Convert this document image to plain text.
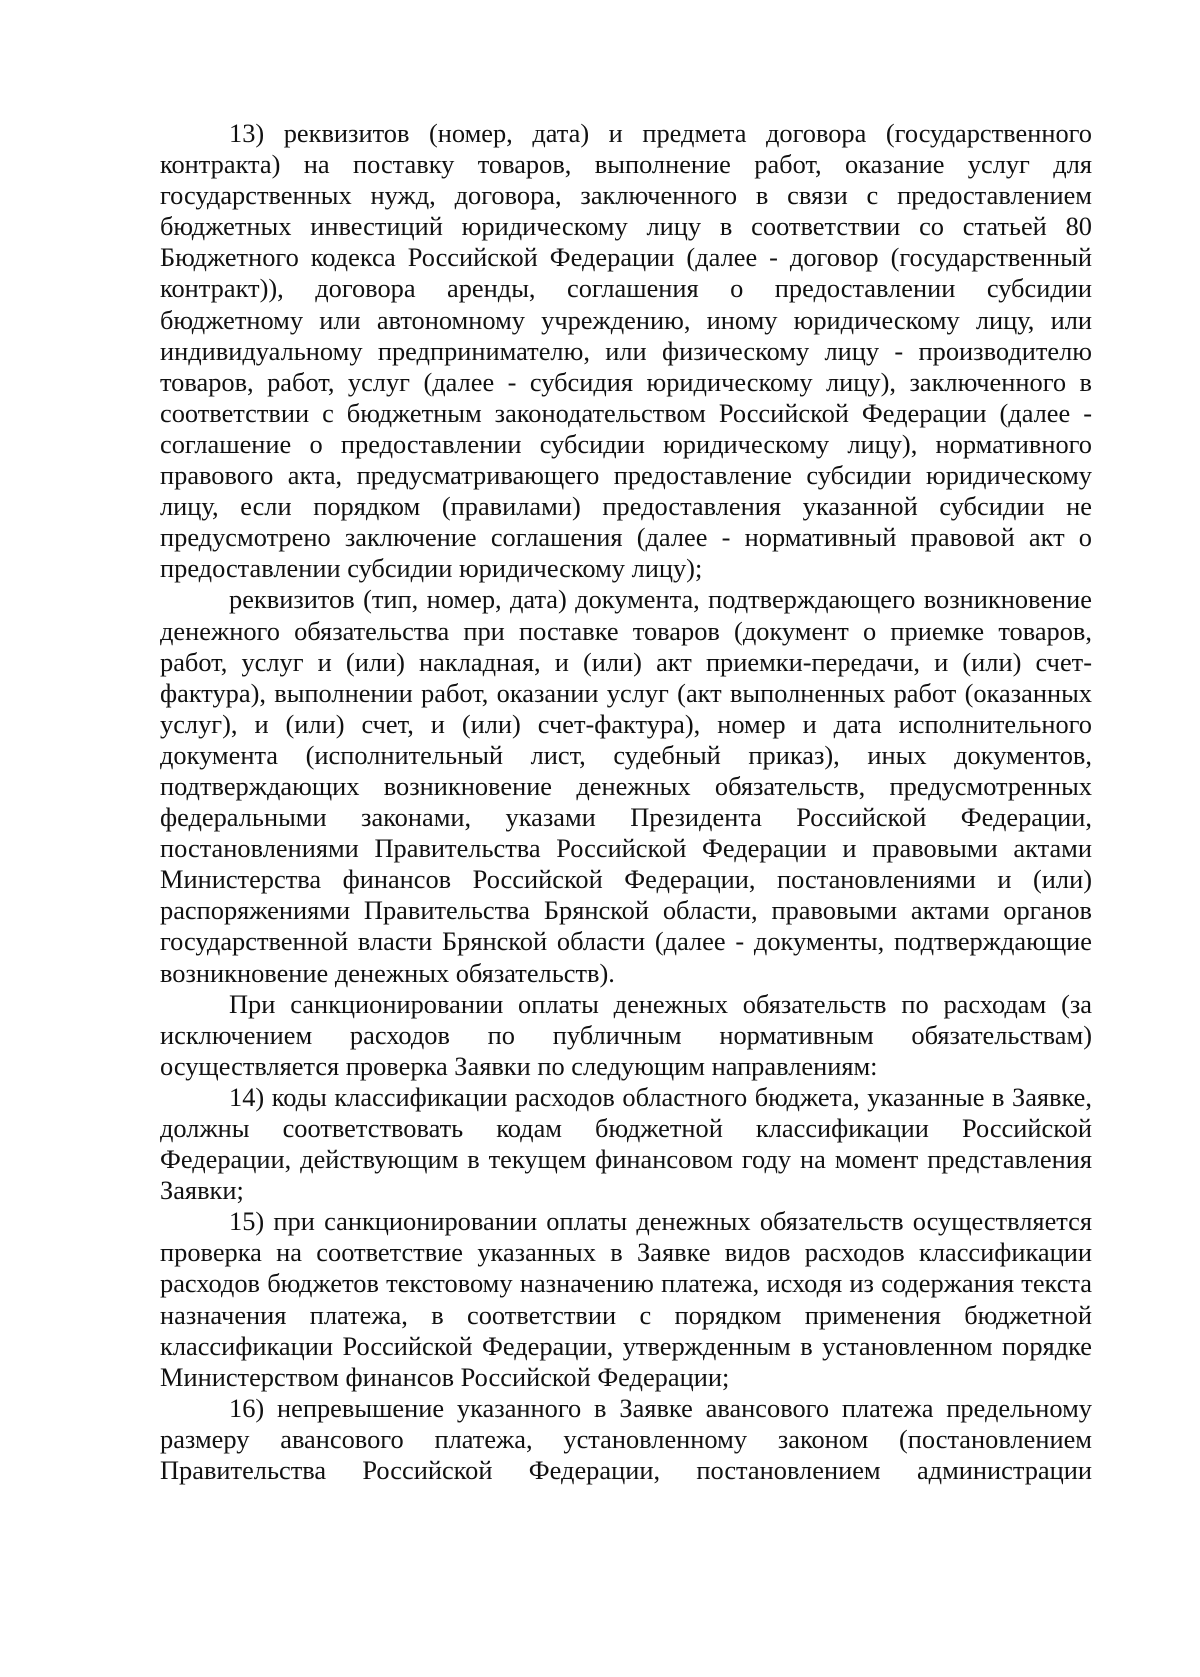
13) реквизитов (номер, дата) и предмета договора (государственного контракта) на поставку товаров, выполнение работ, оказание услуг для государственных нужд, договора, заключенного в связи с предоставлением бюджетных инвестиций юридическому лицу в соответствии со статьей 80 Бюджетного кодекса Российской Федерации (далее - договор (государственный контракт)), договора аренды, соглашения о предоставлении субсидии бюджетному или автономному учреждению, иному юридическому лицу, или индивидуальному предпринимателю, или физическому лицу - производителю товаров, работ, услуг (далее - субсидия юридическому лицу), заключенного в соответствии с бюджетным законодательством Российской Федерации (далее - соглашение о предоставлении субсидии юридическому лицу), нормативного правового акта, предусматривающего предоставление субсидии юридическому лицу, если порядком (правилами) предоставления указанной субсидии не предусмотрено заключение соглашения (далее - нормативный правовой акт о предоставлении субсидии юридическому лицу);

реквизитов (тип, номер, дата) документа, подтверждающего возникновение денежного обязательства при поставке товаров (документ о приемке товаров, работ, услуг и (или) накладная, и (или) акт приемки-передачи, и (или) счет-фактура), выполнении работ, оказании услуг (акт выполненных работ (оказанных услуг), и (или) счет, и (или) счет-фактура), номер и дата исполнительного документа (исполнительный лист, судебный приказ), иных документов, подтверждающих возникновение денежных обязательств, предусмотренных федеральными законами, указами Президента Российской Федерации, постановлениями Правительства Российской Федерации и правовыми актами Министерства финансов Российской Федерации, постановлениями и (или) распоряжениями Правительства Брянской области, правовыми актами органов государственной власти Брянской области (далее - документы, подтверждающие возникновение денежных обязательств).

При санкционировании оплаты денежных обязательств по расходам (за исключением расходов по публичным нормативным обязательствам) осуществляется проверка Заявки по следующим направлениям:

14) коды классификации расходов областного бюджета, указанные в Заявке, должны соответствовать кодам бюджетной классификации Российской Федерации, действующим в текущем финансовом году на момент представления Заявки;

15) при санкционировании оплаты денежных обязательств осуществляется проверка на соответствие указанных в Заявке видов расходов классификации расходов бюджетов текстовому назначению платежа, исходя из содержания текста назначения платежа, в соответствии с порядком применения бюджетной классификации Российской Федерации, утвержденным в установленном порядке Министерством финансов Российской Федерации;

16) непревышение указанного в Заявке авансового платежа предельному размеру авансового платежа, установленному законом (постановлением Правительства Российской Федерации, постановлением администрации
